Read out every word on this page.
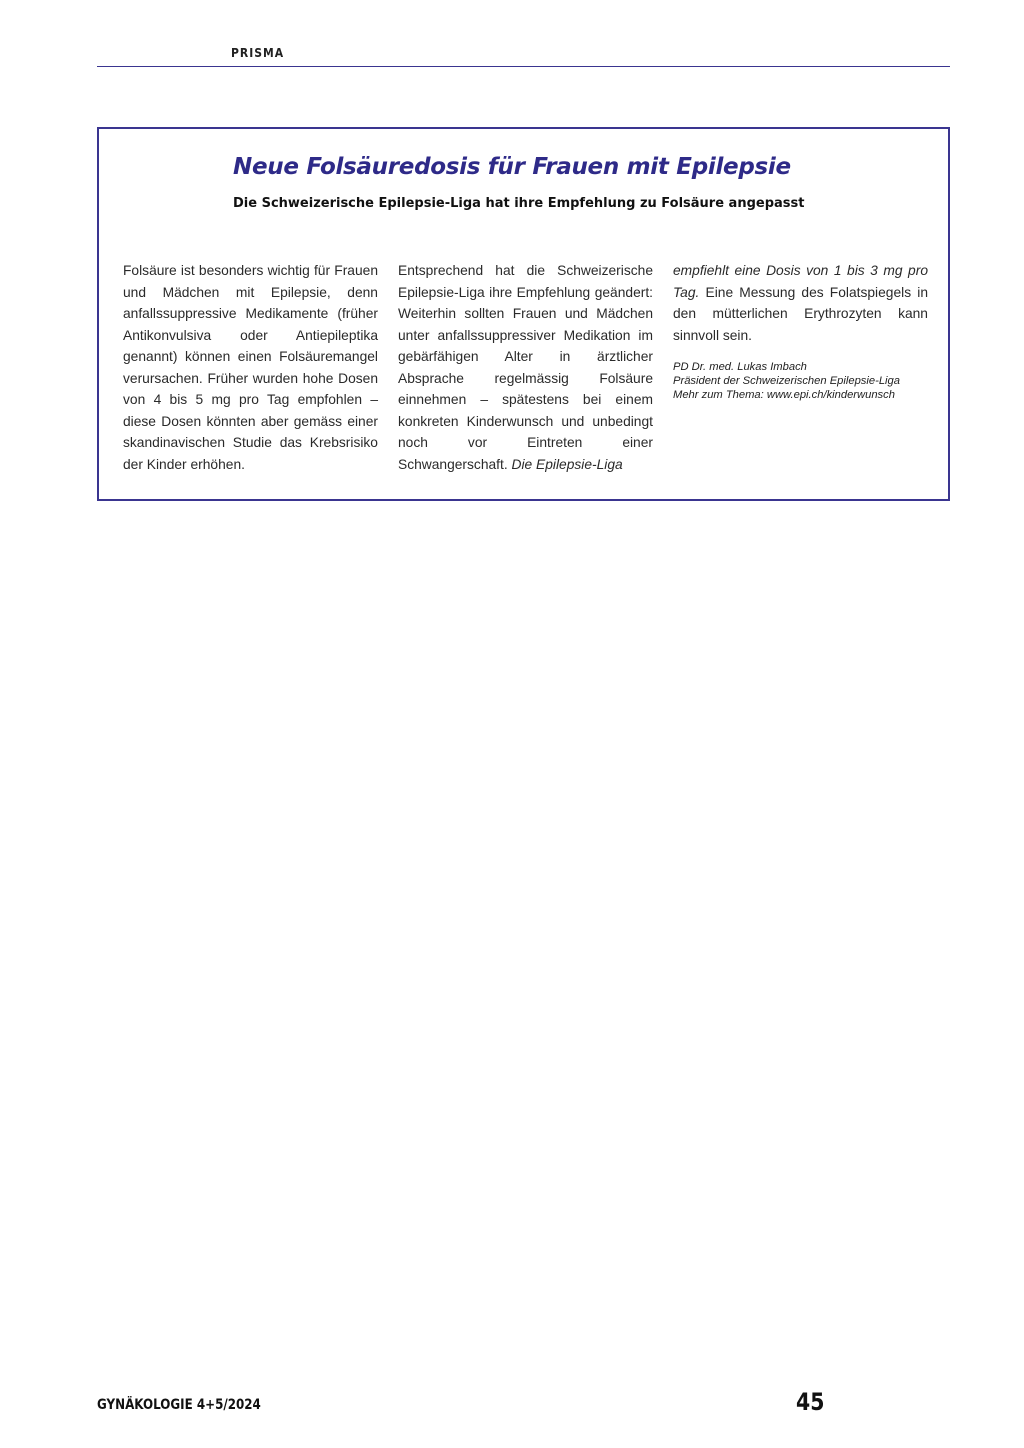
PRISMA
Neue Folsäuredosis für Frauen mit Epilepsie
Die Schweizerische Epilepsie-Liga hat ihre Empfehlung zu Folsäure angepasst

Folsäure ist besonders wichtig für Frauen und Mädchen mit Epilepsie, denn anfallssuppressive Medikamente (früher Antikonvulsiva oder Antiepileptika genannt) können einen Folsäuremangel verursachen. Früher wurden hohe Dosen von 4 bis 5 mg pro Tag empfohlen – diese Dosen könnten aber gemäss einer skandinavischen Studie das Krebsrisiko der Kinder erhöhen.

Entsprechend hat die Schweizerische Epilepsie-Liga ihre Empfehlung geändert: Weiterhin sollten Frauen und Mädchen unter anfallssuppressiver Medikation im gebärfähigen Alter in ärztlicher Absprache regelmässig Folsäure einnehmen – spätestens bei einem konkreten Kinderwunsch und unbedingt noch vor Eintreten einer Schwangerschaft. Die Epilepsie-Liga

empfiehlt eine Dosis von 1 bis 3 mg pro Tag. Eine Messung des Folatspiegels in den mütterlichen Erythrozyten kann sinnvoll sein.

PD Dr. med. Lukas Imbach
Präsident der Schweizerischen Epilepsie-Liga
Mehr zum Thema: www.epi.ch/kinderwunsch
GYNÄKOLOGIE 4+5/2024	45
